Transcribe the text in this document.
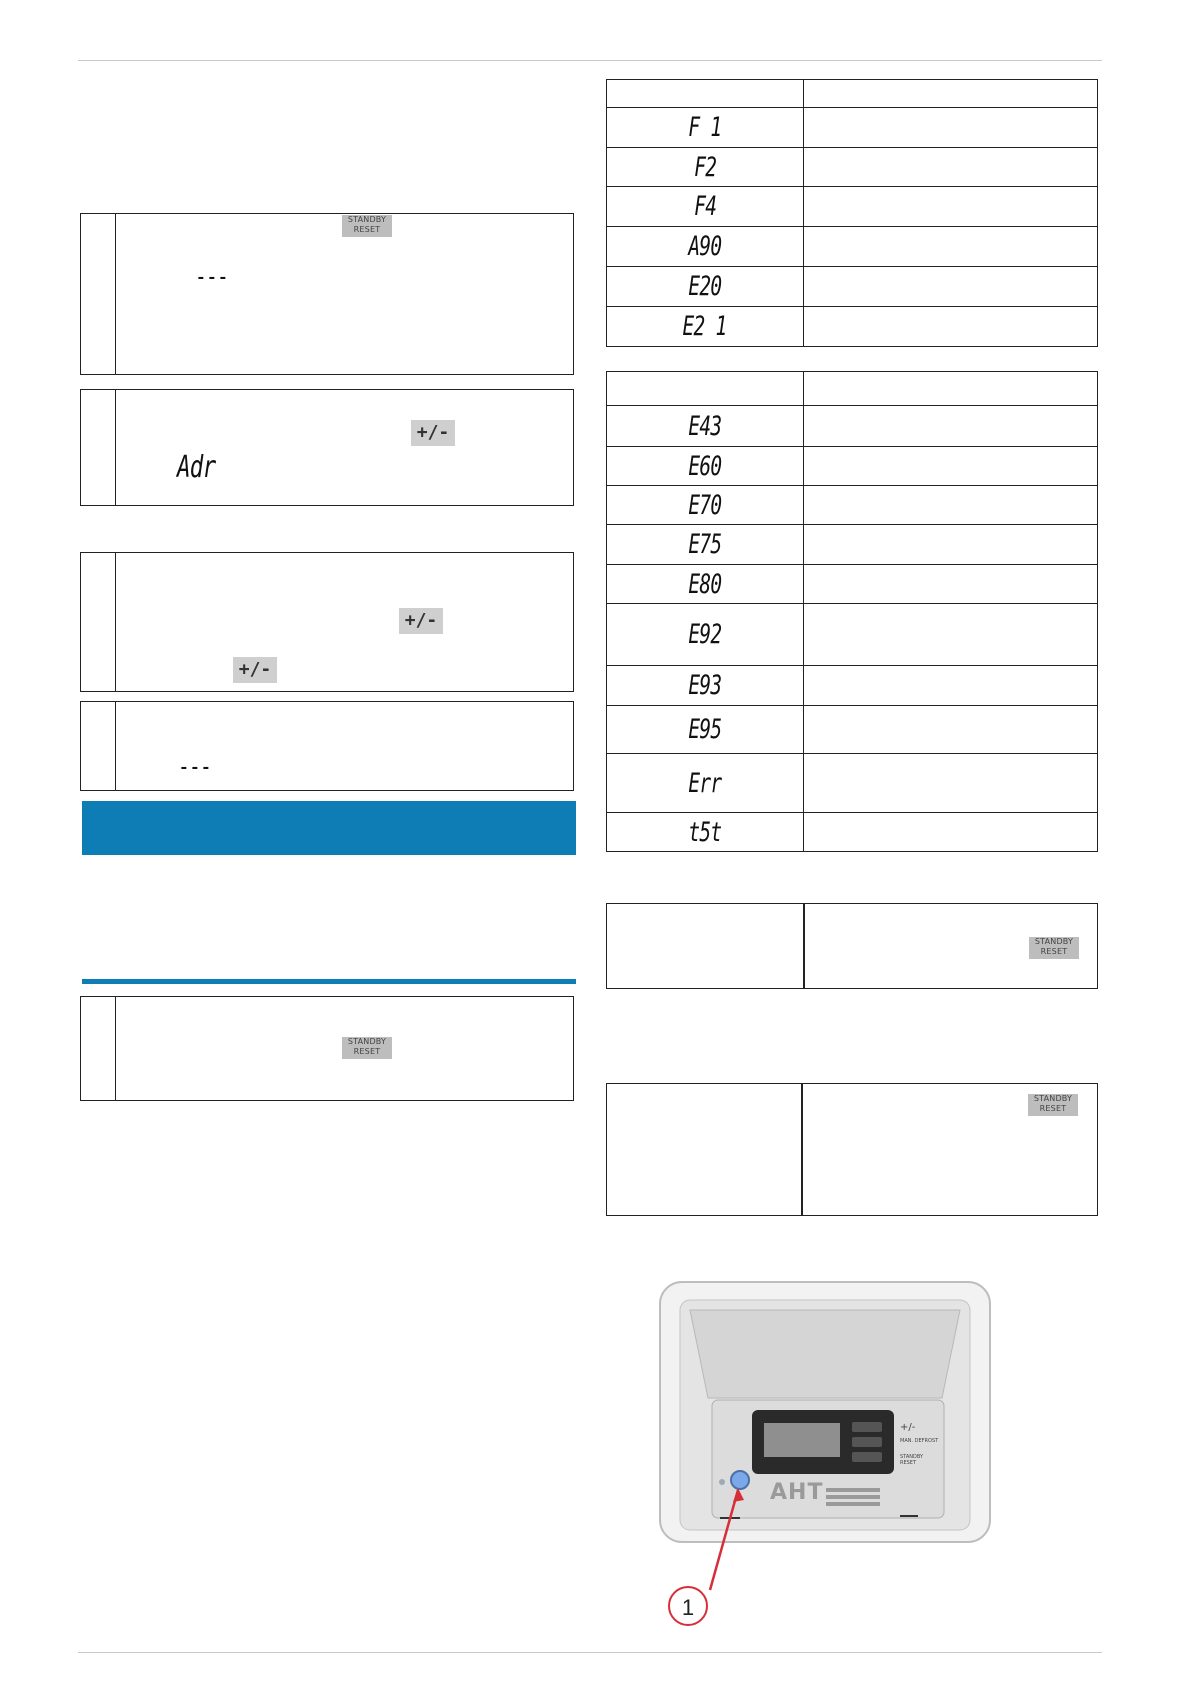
STANDBY
RESET
---
+/-
Adr
+/-
+/-
---
STANDBY
RESET

F 1	
F2	
F4	
A90	
E20	
E2 1	

E43	
E60	
E70	
E75	
E80	
E92	
E93	
E95	
Err	
t5t	
STANDBY
RESET
STANDBY
RESET
AHT
+/-
MAN. DEFROST
STANDBY RESET
1
